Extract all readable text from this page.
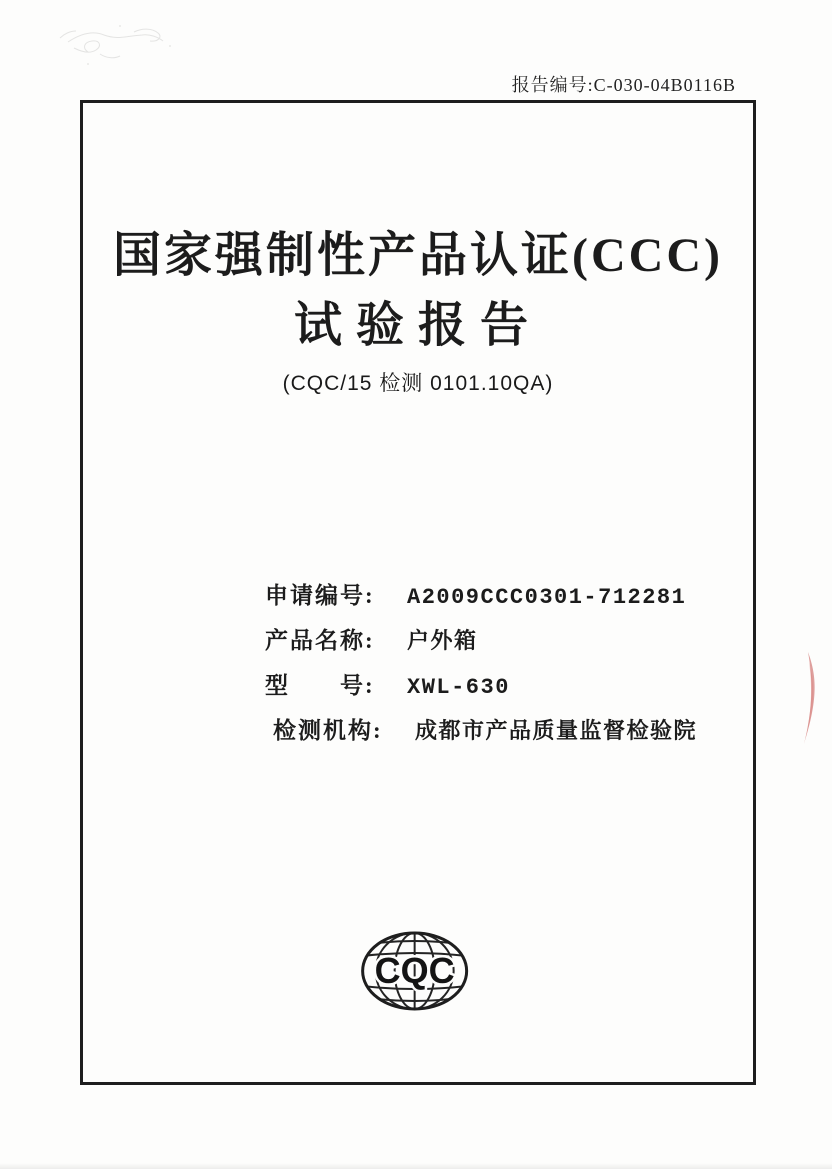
报告编号:C-030-04B0116B
国家强制性产品认证(CCC)
试验报告
(CQC/15 检测 0101.10QA)
申请编号:	A2009CCC0301-712281
产品名称:	户外箱
型　　号:	XWL-630
检测机构:	成都市产品质量监督检验院
CQC
